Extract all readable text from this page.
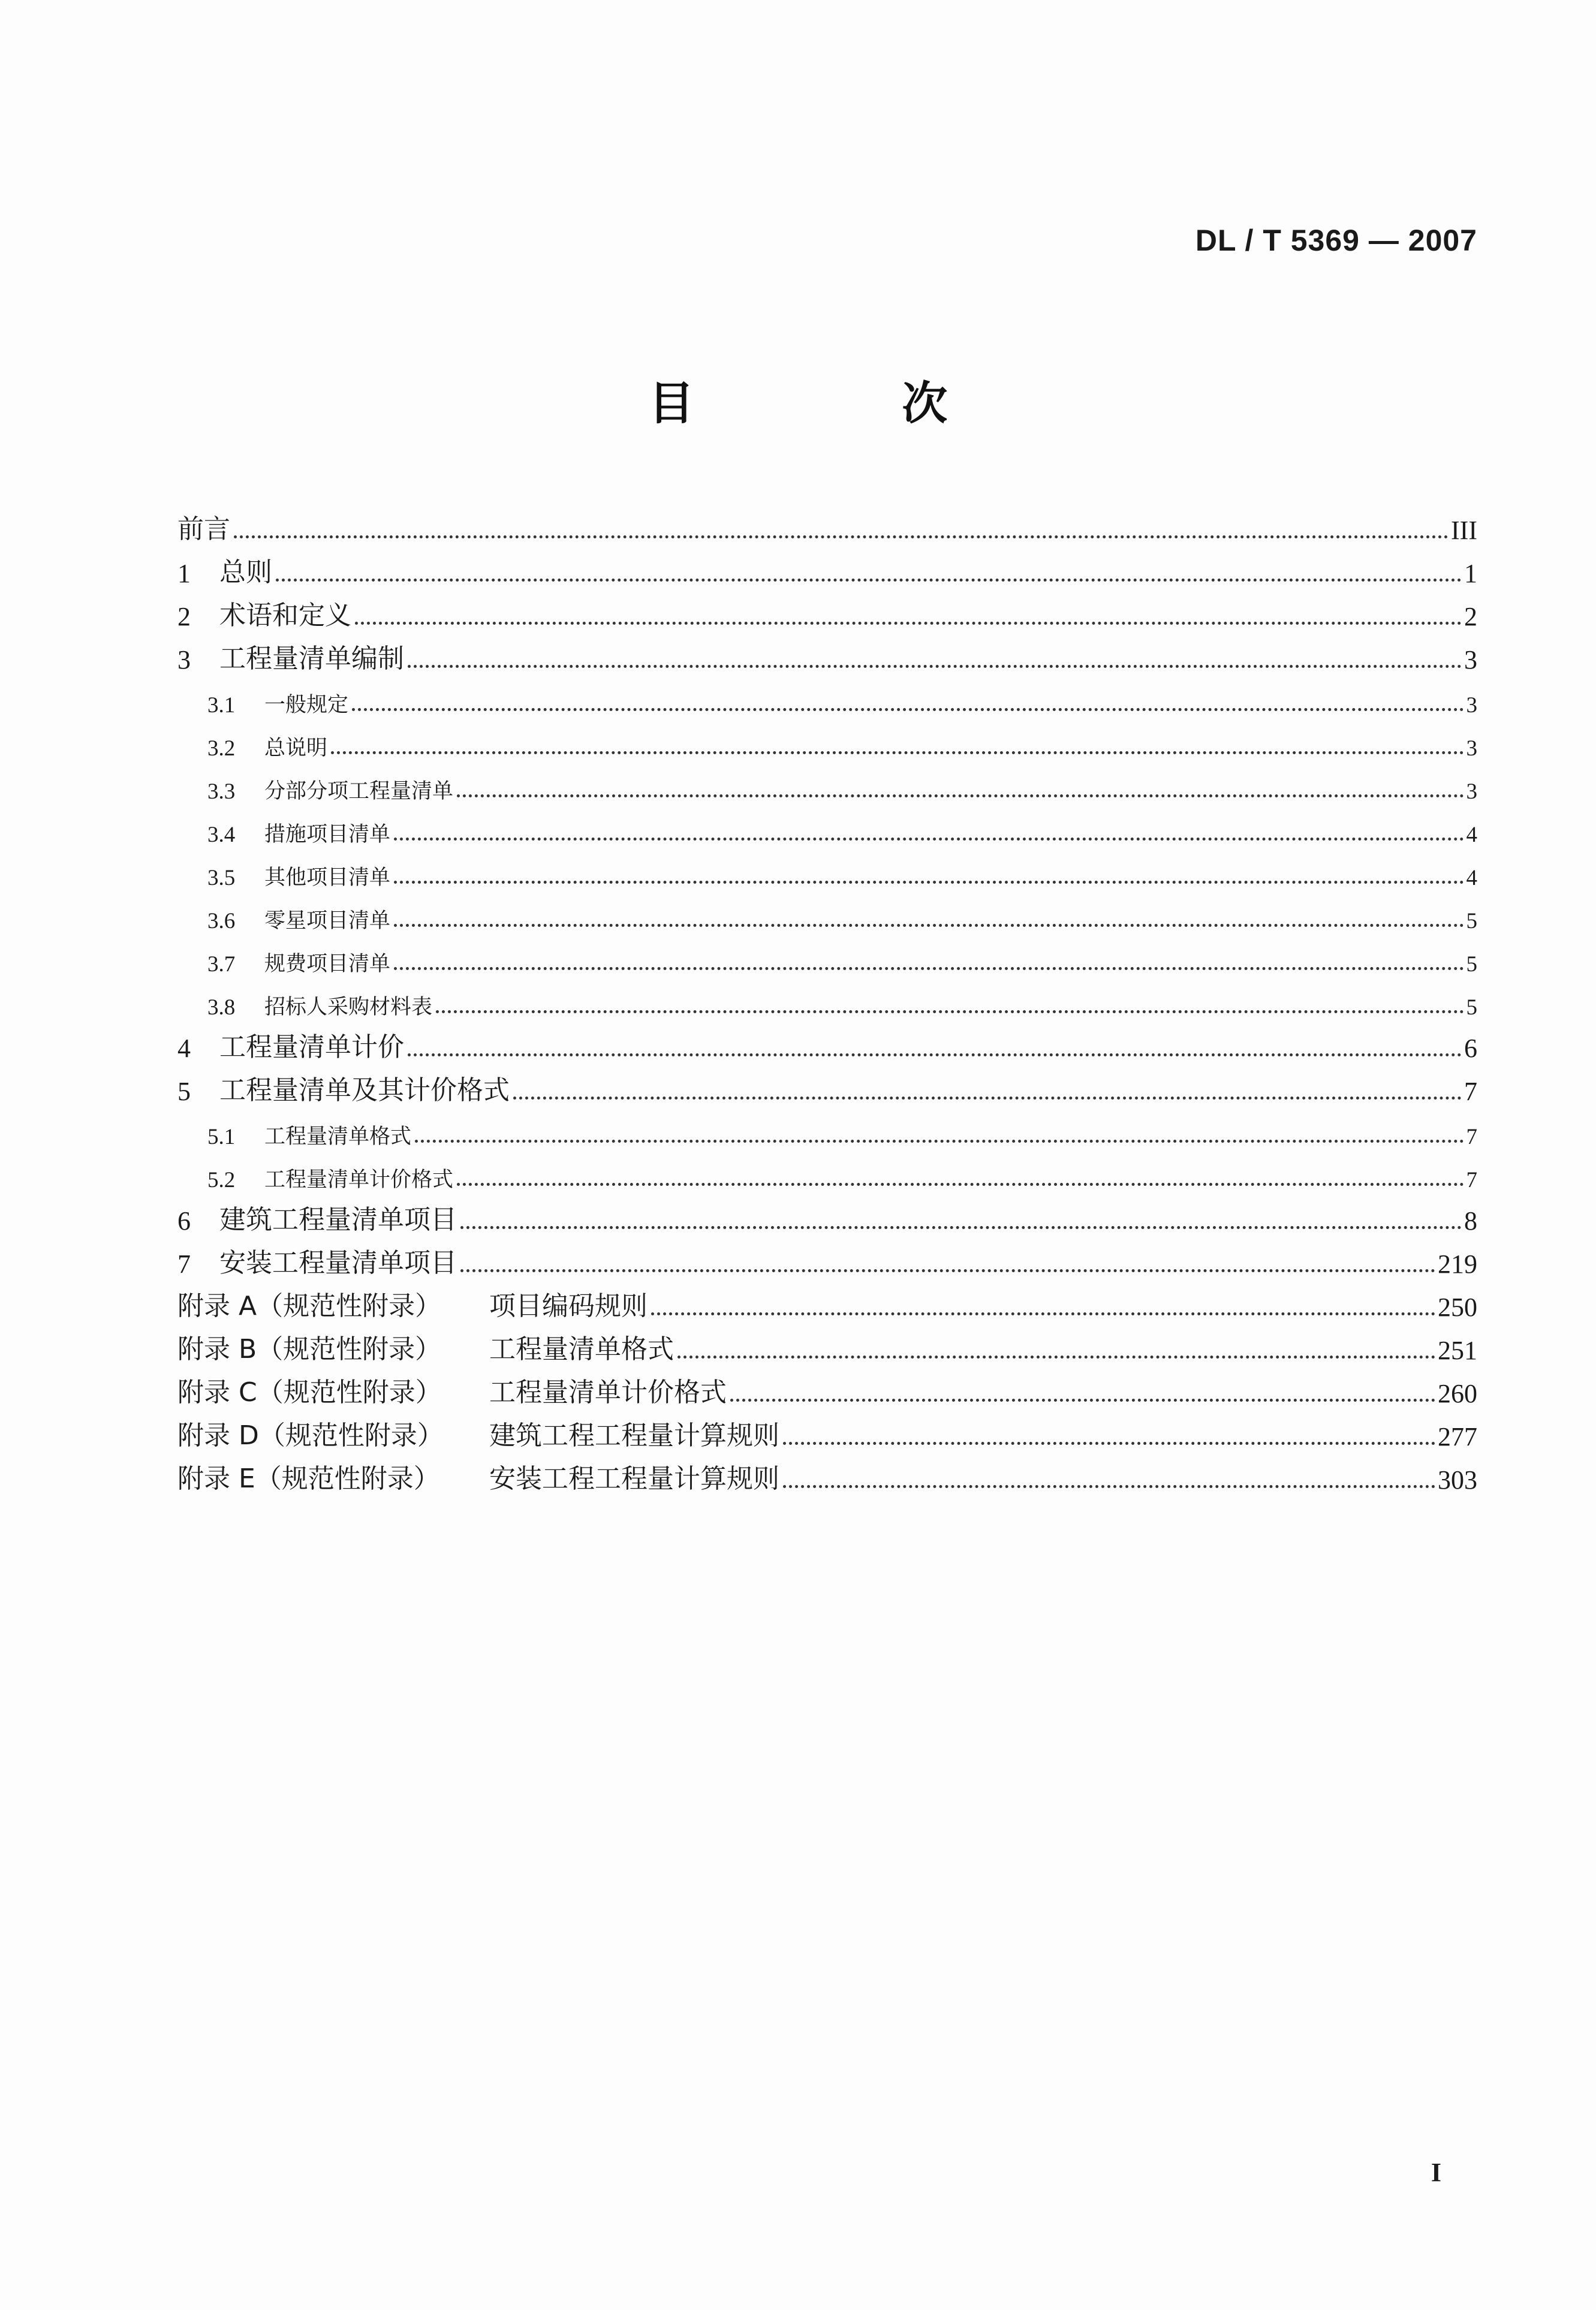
DL / T 5369 — 2007
目 次
前言	III
1	总则	1
2	术语和定义	2
3	工程量清单编制	3
3.1	一般规定	3
3.2	总说明	3
3.3	分部分项工程量清单	3
3.4	措施项目清单	4
3.5	其他项目清单	4
3.6	零星项目清单	5
3.7	规费项目清单	5
3.8	招标人采购材料表	5
4	工程量清单计价	6
5	工程量清单及其计价格式	7
5.1	工程量清单格式	7
5.2	工程量清单计价格式	7
6	建筑工程量清单项目	8
7	安装工程量清单项目	219
附录 A（规范性附录）	项目编码规则	250
附录 B（规范性附录）	工程量清单格式	251
附录 C（规范性附录）	工程量清单计价格式	260
附录 D（规范性附录）	建筑工程工程量计算规则	277
附录 E（规范性附录）	安装工程工程量计算规则	303
I
